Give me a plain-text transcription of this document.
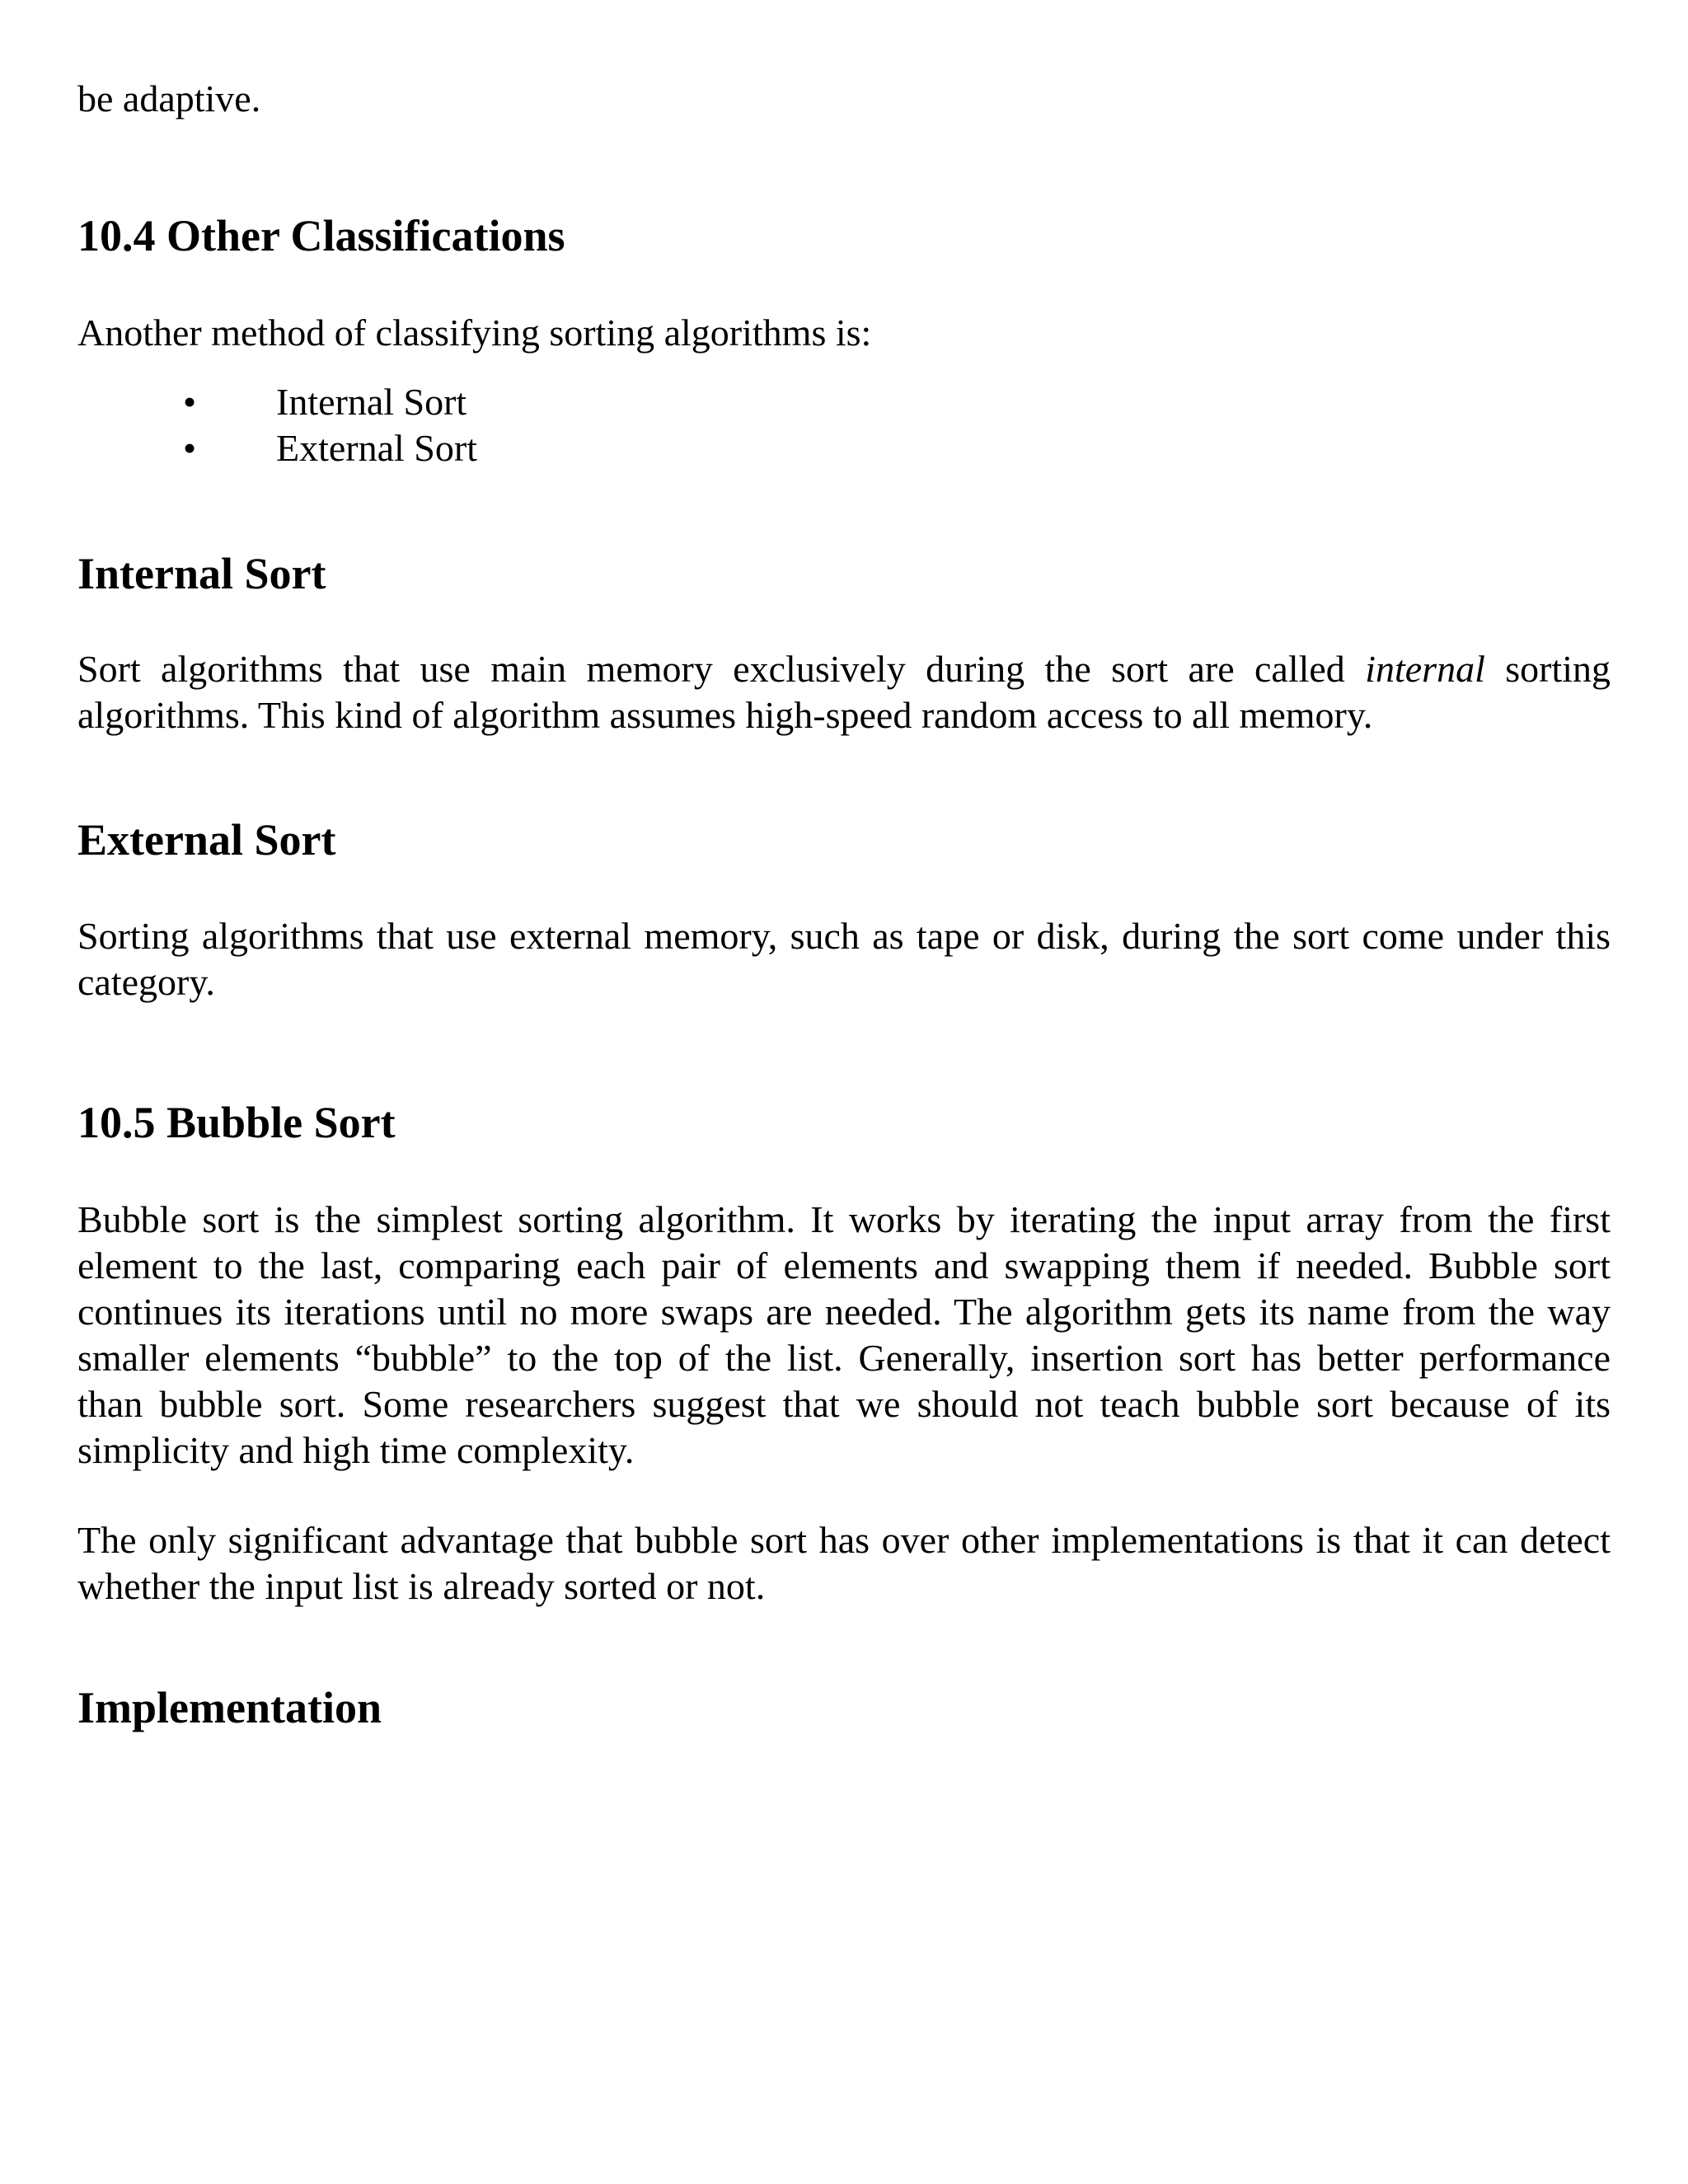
be adaptive.

10.4 Other Classifications

Another method of classifying sorting algorithms is:

• Internal Sort
• External Sort
Internal Sort
Sort algorithms that use main memory exclusively during the sort are called internal sorting
algorithms. This kind of algorithm assumes high-speed random access to all memory.
External Sort
Sorting algorithms that use external memory, such as tape or disk, during the sort come under this
category.
10.5 Bubble Sort
Bubble sort is the simplest sorting algorithm. It works by iterating the input array from the first
element to the last, comparing each pair of elements and swapping them if needed. Bubble sort
continues its iterations until no more swaps are needed. The algorithm gets its name from the way
smaller elements “bubble” to the top of the list. Generally, insertion sort has better performance
than bubble sort. Some researchers suggest that we should not teach bubble sort because of its
simplicity and high time complexity.
The only significant advantage that bubble sort has over other implementations is that it can detect
whether the input list is already sorted or not.
Implementation
